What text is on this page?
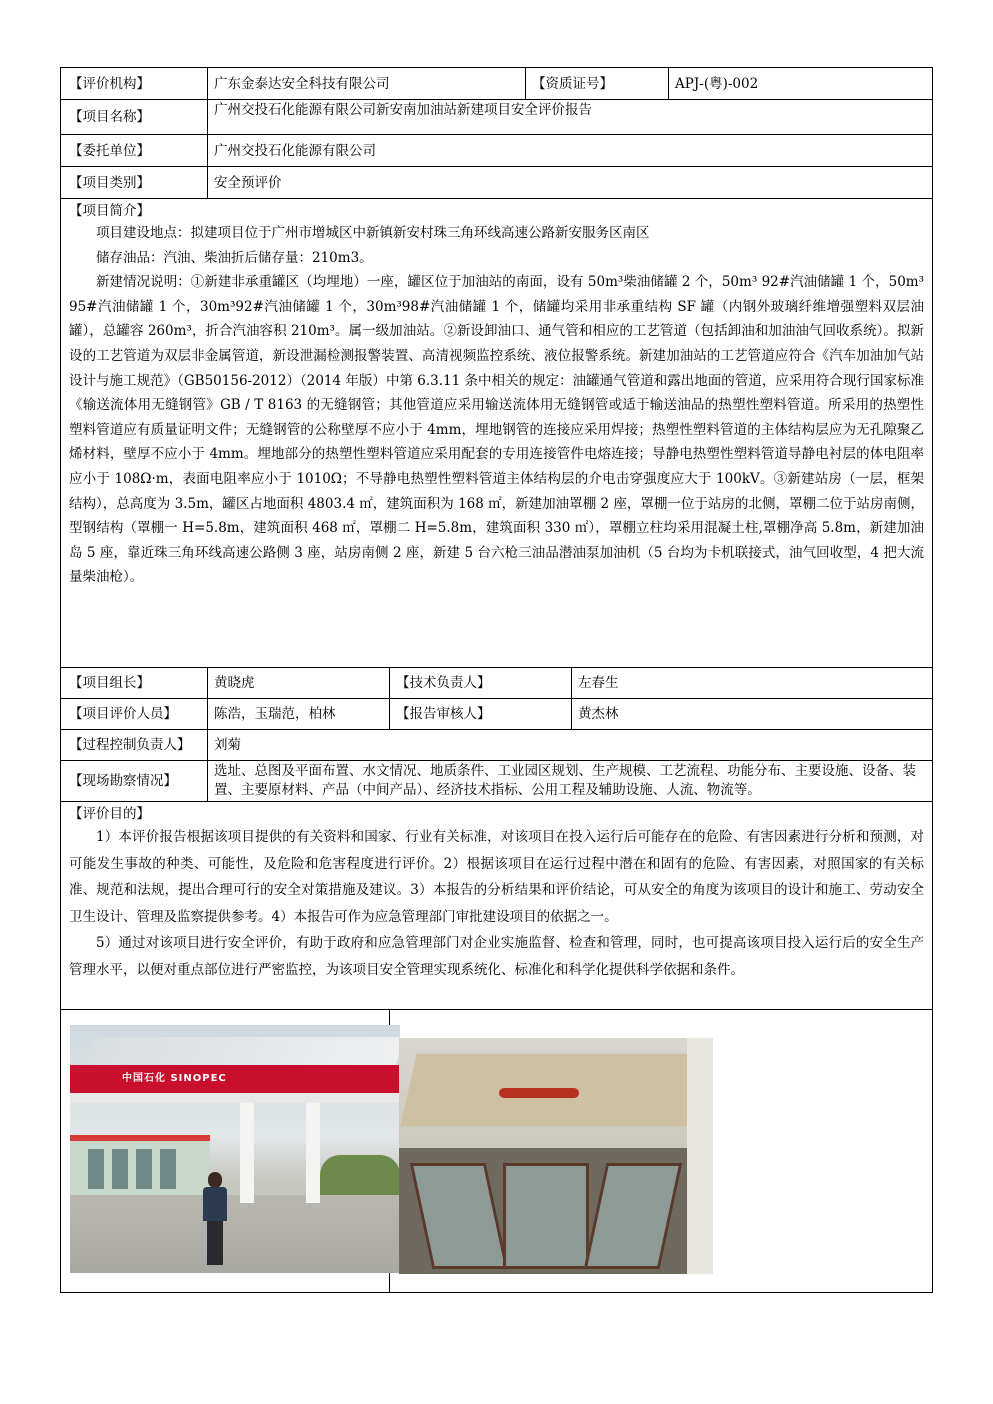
【评价机构】	广东金泰达安全科技有限公司		【资质证号】		APJ-(粤)-002
【项目名称】	广州交投石化能源有限公司新安南加油站新建项目安全评价报告				
【委托单位】	广州交投石化能源有限公司				
【项目类别】	安全预评价				

【项目简介】

项目建设地点：拟建项目位于广州市增城区中新镇新安村珠三角环线高速公路新安服务区南区

储存油品：汽油、柴油折后储存量：210m3。

新建情况说明：①新建非承重罐区（均埋地）一座，罐区位于加油站的南面，设有 50m³柴油储罐 2 个，50m³ 92#汽油储罐 1 个，50m³ 95#汽油储罐 1 个，30m³92#汽油储罐 1 个，30m³98#汽油储罐 1 个，储罐均采用非承重结构 SF 罐（内钢外玻璃纤维增强塑料双层油罐），总罐容 260m³，折合汽油容积 210m³。属一级加油站。②新设卸油口、通气管和相应的工艺管道（包括卸油和加油油气回收系统）。拟新设的工艺管道为双层非金属管道，新设泄漏检测报警装置、高清视频监控系统、液位报警系统。新建加油站的工艺管道应符合《汽车加油加气站设计与施工规范》（GB50156-2012）（2014 年版）中第 6.3.11 条中相关的规定：油罐通气管道和露出地面的管道，应采用符合现行国家标准《输送流体用无缝钢管》GB / T 8163 的无缝钢管；其他管道应采用输送流体用无缝钢管或适于输送油品的热塑性塑料管道。所采用的热塑性塑料管道应有质量证明文件；无缝钢管的公称壁厚不应小于 4mm，埋地钢管的连接应采用焊接；热塑性塑料管道的主体结构层应为无孔隙聚乙烯材料，壁厚不应小于 4mm。埋地部分的热塑性塑料管道应采用配套的专用连接管件电熔连接；导静电热塑性塑料管道导静电衬层的体电阻率应小于 108Ω·m，表面电阻率应小于 1010Ω；不导静电热塑性塑料管道主体结构层的介电击穿强度应大于 100kV。③新建站房（一层，框架结构），总高度为 3.5m，罐区占地面积 4803.4 ㎡，建筑面积为 168 ㎡，新建加油罩棚 2 座，罩棚一位于站房的北侧，罩棚二位于站房南侧，型钢结构（罩棚一 H=5.8m，建筑面积 468 ㎡，罩棚二 H=5.8m，建筑面积 330 ㎡），罩棚立柱均采用混凝土柱,罩棚净高 5.8m，新建加油岛 5 座，靠近珠三角环线高速公路侧 3 座，站房南侧 2 座，新建 5 台六枪三油品潜油泵加油机（5 台均为卡机联接式，油气回收型，4 把大流量柴油枪）。					

【项目组长】	黄晓虎	【技术负责人】		左春生	
【项目评价人员】	陈浩，玉瑞范，柏林	【报告审核人】		黄杰林	
【过程控制负责人】	刘菊				
【现场勘察情况】	选址、总图及平面布置、水文情况、地质条件、工业园区规划、生产规模、工艺流程、功能分布、主要设施、设备、装置、主要原材料、产品（中间产品）、经济技术指标、公用工程及辅助设施、人流、物流等。				

【评价目的】

1）本评价报告根据该项目提供的有关资料和国家、行业有关标准，对该项目在投入运行后可能存在的危险、有害因素进行分析和预测，对可能发生事故的种类、可能性，及危险和危害程度进行评价。2）根据该项目在运行过程中潜在和固有的危险、有害因素，对照国家的有关标准、规范和法规，提出合理可行的安全对策措施及建议。3）本报告的分析结果和评价结论，可从安全的角度为该项目的设计和施工、劳动安全卫生设计、管理及监察提供参考。4）本报告可作为应急管理部门审批建设项目的依据之一。

5）通过对该项目进行安全评价，有助于政府和应急管理部门对企业实施监督、检查和管理，同时，也可提高该项目投入运行后的安全生产管理水平，以便对重点部位进行严密监控，为该项目安全管理实现系统化、标准化和科学化提供科学依据和条件。					

中国石化 SINOPEC					
